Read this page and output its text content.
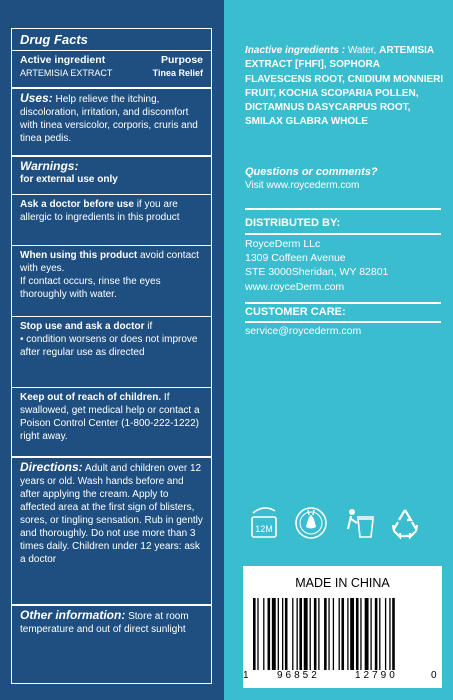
Drug Facts
Active ingredient	Purpose
ARTEMISIA EXTRACT	Tinea Relief
Uses: Help relieve the itching, discoloration, irritation, and discomfort with tinea versicolor, corporis, cruris and tinea pedis.
Warnings:
for external use only
Ask a doctor before use if you are allergic to ingredients in this product
When using this product avoid contact with eyes.
If contact occurs, rinse the eyes thoroughly with water.
Stop use and ask a doctor if
• condition worsens or does not improve after regular use as directed
Keep out of reach of children. If swallowed, get medical help or contact a Poison Control Center (1-800-222-1222) right away.
Directions: Adult and children over 12 years or old. Wash hands before and after applying the cream. Apply to affected area at the first sign of blisters, sores, or tingling sensation. Rub in gently and thoroughly. Do not use more than 3 times daily. Children under 12 years: ask a doctor
Other information: Store at room temperature and out of direct sunlight
Inactive ingredients : Water, ARTEMISIA EXTRACT [FHFI], SOPHORA FLAVESCENS ROOT, CNIDIUM MONNIERI FRUIT, KOCHIA SCOPARIA POLLEN, DICTAMNUS DASYCARPUS ROOT, SMILAX GLABRA WHOLE
Questions or comments?
Visit www.roycederm.com
DISTRIBUTED BY:
RoyceDerm LLc
1309 Coffeen Avenue
STE 3000Sheridan, WY 82801
www.royceDerm.com
CUSTOMER CARE:
service@roycederm.com
12M
MADE IN CHINA
1	96852	12790	0
